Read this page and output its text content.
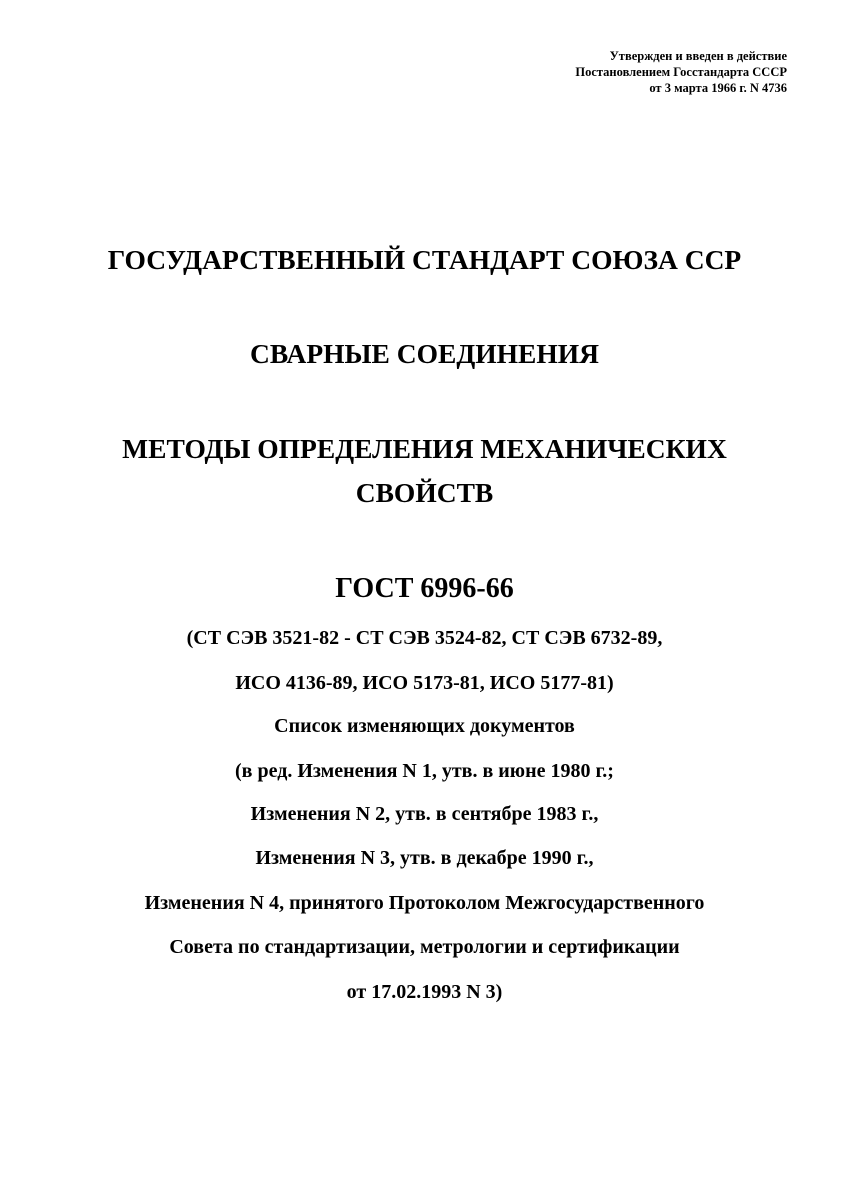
Утвержден и введен в действие
Постановлением Госстандарта СССР
от 3 марта 1966 г. N 4736
ГОСУДАРСТВЕННЫЙ СТАНДАРТ СОЮЗА ССР
СВАРНЫЕ СОЕДИНЕНИЯ
МЕТОДЫ ОПРЕДЕЛЕНИЯ МЕХАНИЧЕСКИХ
СВОЙСТВ
ГОСТ 6996-66
(СТ СЭВ 3521-82 - СТ СЭВ 3524-82, СТ СЭВ 6732-89,
ИСО 4136-89, ИСО 5173-81, ИСО 5177-81)
Список изменяющих документов
(в ред. Изменения N 1, утв. в июне 1980 г.;
Изменения N 2, утв. в сентябре 1983 г.,
Изменения N 3, утв. в декабре 1990 г.,
Изменения N 4, принятого Протоколом Межгосударственного
Совета по стандартизации, метрологии и сертификации
от 17.02.1993 N 3)
